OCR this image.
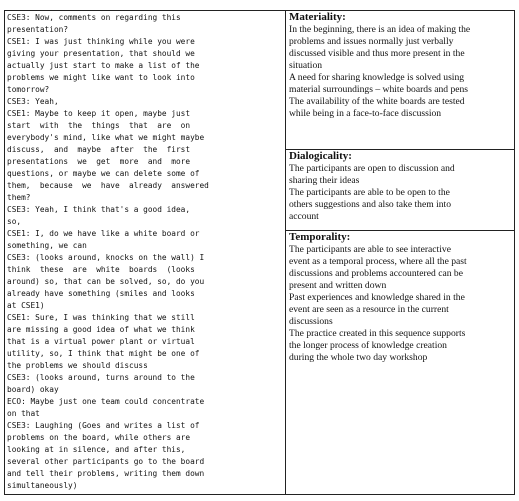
CSE3: Now, comments on regarding this
presentation?
CSE1: I was just thinking while you were
giving your presentation, that should we
actually just start to make a list of the
problems we might like want to look into
tomorrow?
CSE3: Yeah,
CSE1: Maybe to keep it open, maybe just
start  with  the  things  that  are  on
everybody's mind, like what we might maybe
discuss,  and  maybe  after  the  first
presentations  we  get  more  and  more
questions, or maybe we can delete some of
them,  because  we  have  already  answered
them?
CSE3: Yeah, I think that's a good idea,
so,
CSE1: I, do we have like a white board or
something, we can
CSE3: (looks around, knocks on the wall) I
think  these  are  white  boards  (looks
around) so, that can be solved, so, do you
already have something (smiles and looks
at CSE1)
CSE1: Sure, I was thinking that we still
are missing a good idea of what we think
that is a virtual power plant or virtual
utility, so, I think that might be one of
the problems we should discuss
CSE3: (looks around, turns around to the
board) okay
ECO: Maybe just one team could concentrate
on that
CSE3: Laughing (Goes and writes a list of
problems on the board, while others are
looking at in silence, and after this,
several other participants go to the board
and tell their problems, writing them down
simultaneously)
Materiality:
In the beginning, there is an idea of making the
problems and issues normally just verbally
discussed visible and thus more present in the
situation
A need for sharing knowledge is solved using
material surroundings – white boards and pens
The availability of the white boards are tested
while being in a face-to-face discussion
Dialogicality:
The participants are open to discussion and
sharing their ideas
The participants are able to be open to the
others suggestions and also take them into
account
Temporality:
The participants are able to see interactive
event as a temporal process, where all the past
discussions and problems accountered can be
present and written down
Past experiences and knowledge shared in the
event are seen as a resource in the current
discussions
The practice created in this sequence supports
the longer process of knowledge creation
during the whole two day workshop
